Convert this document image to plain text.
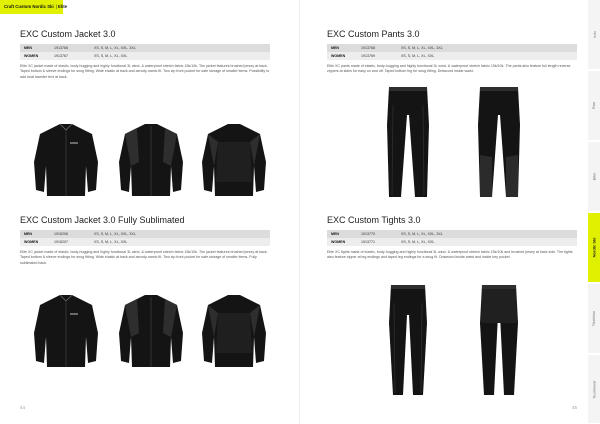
Craft Custom Nordic Ski | Elite
EXC Custom Jacket 3.0
MEN	1913766	XS, S, M, L, XL, XXL, 3XL
WOMEN	1913767	XS, S, M, L, XL, XXL
Elite XC jacket made of elastic, body-hugging and highly functional 3L wind- & waterproof stretch fabric 15k/10k. The jacket features brushed jersey at back. Taped bottom & sleeve endings for snug fitting. Wide elastic at back and aerody-namic fit. Two zip front pocket for safe storage of smaller items. Possibility to add heat transfer text at back.
EXC Custom Pants 3.0
MEN	1913768	XS, S, M, L, XL, XXL, 3XL
WOMEN	1913769	XS, S, M, L, XL, XXL
Elite XC pants made of elastic, body-hugging and highly functional 3L wind- & waterproof stretch fabric 15k/10k. The pants also feature full length reverse zippers at sides for easy on and off. Taped bottom leg for snug fitting. Drawcord inside waist.
EXC Custom Jacket 3.0 Fully Sublimated
MEN	1915206	XS, S, M, L, XL, XXL, 3XL
WOMEN	1915207	XS, S, M, L, XL, XXL
Elite XC jacket made of elastic, body-hugging and highly functional 3L wind- & waterproof stretch fabric 15k/10k. The jacket features brushed jersey at back. Taped bottom & sleeve endings for snug fitting. Wide elastic at back and aerody-namic fit. Two zip front pocket for safe storage of smaller items. Fully sublimated back.
EXC Custom Tights 3.0
MEN	1913770	XS, S, M, L, XL, XXL, 3XL
WOMEN	1913771	XS, S, M, L, XL, XXL
Elite XC tights made of elastic, body-hugging and highly functional 3L wind- & waterproof stretch fabric 15k/10k and brushed jersey at back side. The tights also feature zipper at leg endings and taped leg endings for a snug fit. Drawcord inside waist and inside key pocket.
44	45
Info
Run
Bike
Nordic Ski
Triathlon
Teamwear
